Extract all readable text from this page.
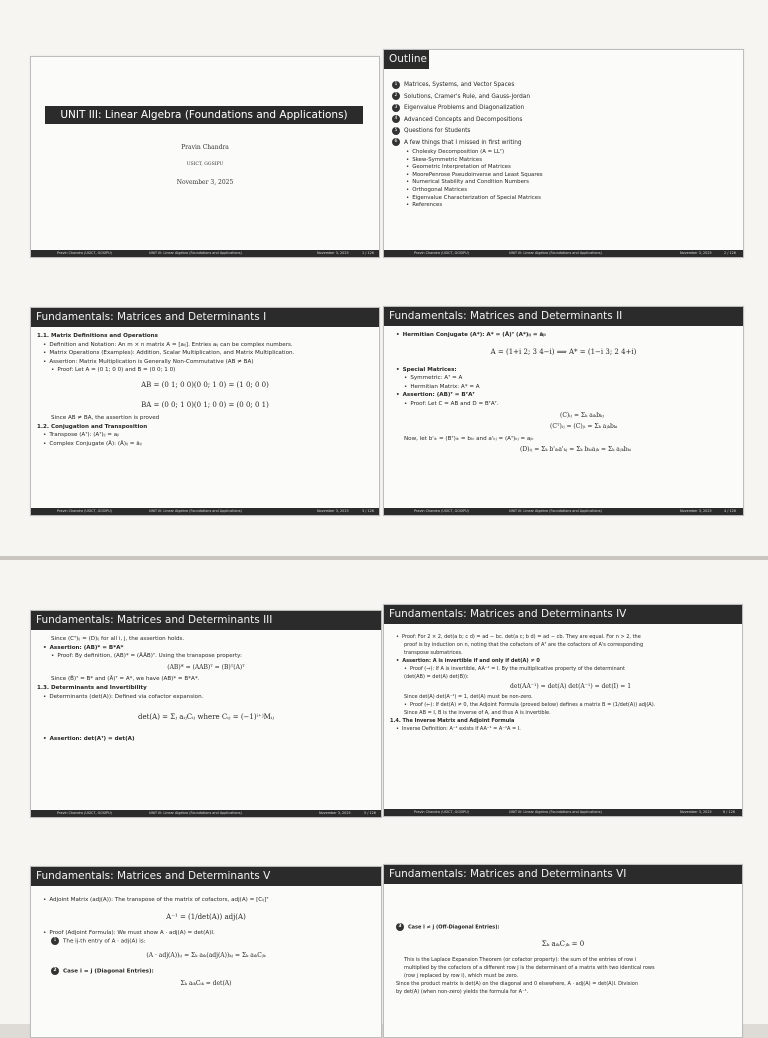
UNIT III: Linear Algebra (Foundations and Applications)
Pravin Chandra
USICT, GGSIPU
November 3, 2025
Pravin Chandra (USICT, GGSIPU)	UNIT III: Linear Algebra (Foundations and Applications)	November 3, 2025	1 / 126
Outline
1 Matrices, Systems, and Vector Spaces
2 Solutions, Cramer's Rule, and Gauss-Jordan
3 Eigenvalue Problems and Diagonalization
4 Advanced Concepts and Decompositions
5 Questions for Students
6 A few things that I missed in first writing
• Cholesky Decomposition (A = LLᵀ)
• Skew-Symmetric Matrices
• Geometric Interpretation of Matrices
• MoorePenrose Pseudoinverse and Least Squares
• Numerical Stability and Condition Numbers
• Orthogonal Matrices
• Eigenvalue Characterization of Special Matrices
• References
Pravin Chandra (USICT, GGSIPU)	UNIT III: Linear Algebra (Foundations and Applications)	November 3, 2025	2 / 126
Fundamentals: Matrices and Determinants I
1.1. Matrix Definitions and Operations
• Definition and Notation: An m × n matrix A = [aᵢⱼ]. Entries aᵢⱼ can be complex numbers.
• Matrix Operations (Examples): Addition, Scalar Multiplication, and Matrix Multiplication.
• Assertion: Matrix Multiplication is Generally Non-Commutative (AB ≠ BA)
• Proof: Let A = (0 1; 0 0) and B = (0 0; 1 0)
AB = (0 1; 0 0)(0 0; 1 0) = (1 0; 0 0)
BA = (0 0; 1 0)(0 1; 0 0) = (0 0; 0 1)
Since AB ≠ BA, the assertion is proved
1.2. Conjugation and Transposition
• Transpose (Aᵀ): (Aᵀ)ᵢⱼ = aⱼᵢ
• Complex Conjugate (Ā): (Ā)ᵢⱼ = āᵢⱼ
Pravin Chandra (USICT, GGSIPU)	UNIT III: Linear Algebra (Foundations and Applications)	November 3, 2025	3 / 126
Fundamentals: Matrices and Determinants II
• Hermitian Conjugate (A*): A* = (Ā)ᵀ (A*)ᵢⱼ = āⱼᵢ
A = (1+i 2; 3 4−i) ⟹ A* = (1−i 3; 2 4+i)
• Special Matrices:
• Symmetric: Aᵀ = A
• Hermitian Matrix: A* = A
• Assertion: (AB)ᵀ = BᵀAᵀ
• Proof: Let C = AB and D = BᵀAᵀ.
(C)ᵢⱼ = Σₖ aᵢₖbₖⱼ
(Cᵀ)ᵢⱼ = (C)ⱼᵢ = Σₖ aⱼₖbₖᵢ
Now, let b'ᵢₖ = (Bᵀ)ᵢₖ = bₖᵢ and a'ₖⱼ = (Aᵀ)ₖⱼ = aⱼₖ
(D)ᵢⱼ = Σₖ b'ᵢₖa'ₖⱼ = Σₖ bₖᵢaⱼₖ = Σₖ aⱼₖbₖᵢ
Pravin Chandra (USICT, GGSIPU)	UNIT III: Linear Algebra (Foundations and Applications)	November 3, 2025	4 / 126
Fundamentals: Matrices and Determinants III
Since (Cᵀ)ᵢⱼ = (D)ᵢⱼ for all i, j, the assertion holds.
• Assertion: (AB)* = B*A*
• Proof: By definition, (AB)* = (ĀĀB)ᵀ. Using the transpose property:
(AB)* = (ĀĀB̄)ᵀ = (B̄)ᵀ(Ā)ᵀ
Since (B̄)ᵀ = B* and (Ā)ᵀ = A*, we have (AB)* = B*A*.
1.3. Determinants and Invertibility
• Determinants (det(A)): Defined via cofactor expansion.
det(A) = Σⱼ aᵢⱼCᵢⱼ where Cᵢⱼ = (−1)ⁱ⁺ʲMᵢⱼ
• Assertion: det(Aᵀ) = det(A)
Pravin Chandra (USICT, GGSIPU)	UNIT III: Linear Algebra (Foundations and Applications)	November 3, 2025	5 / 126
Fundamentals: Matrices and Determinants IV
• Proof: For 2 × 2, det(a b; c d) = ad − bc. det(a c; b d) = ad − cb. They are equal. For n > 2, the
proof is by induction on n, noting that the cofactors of Aᵀ are the cofactors of A's corresponding
transpose submatrices.
• Assertion: A is invertible if and only if det(A) ≠ 0
• Proof (⇒): If A is invertible, AA⁻¹ = I. By the multiplicative property of the determinant
(det(AB) = det(A) det(B)):
det(AA⁻¹) = det(A) det(A⁻¹) = det(I) = 1
Since det(A) det(A⁻¹) = 1, det(A) must be non-zero.
• Proof (⇐): If det(A) ≠ 0, the Adjoint Formula (proved below) defines a matrix B = (1/det(A)) adj(A).
Since AB = I, B is the inverse of A, and thus A is invertible.
1.4. The Inverse Matrix and Adjoint Formula
• Inverse Definition: A⁻¹ exists if AA⁻¹ = A⁻¹A = I.
Pravin Chandra (USICT, GGSIPU)	UNIT III: Linear Algebra (Foundations and Applications)	November 3, 2025	6 / 126
Fundamentals: Matrices and Determinants V
• Adjoint Matrix (adj(A)): The transpose of the matrix of cofactors, adj(A) = [Cᵢⱼ]ᵀ
A⁻¹ = (1/det(A)) adj(A)
• Proof (Adjoint Formula): We must show A · adj(A) = det(A)I.
1 The ij-th entry of A · adj(A) is:
(A · adj(A))ᵢⱼ = Σₖ aᵢₖ(adj(A))ₖⱼ = Σₖ aᵢₖCⱼₖ
2 Case i = j (Diagonal Entries):
Σₖ aᵢₖCᵢₖ = det(A)
Fundamentals: Matrices and Determinants VI
3 Case i ≠ j (Off-Diagonal Entries):
Σₖ aᵢₖCⱼₖ = 0
This is the Laplace Expansion Theorem (or cofactor property): the sum of the entries of row i
multiplied by the cofactors of a different row j is the determinant of a matrix with two identical rows
(row j replaced by row i), which must be zero.
Since the product matrix is det(A) on the diagonal and 0 elsewhere, A · adj(A) = det(A)I. Division
by det(A) (when non-zero) yields the formula for A⁻¹.
